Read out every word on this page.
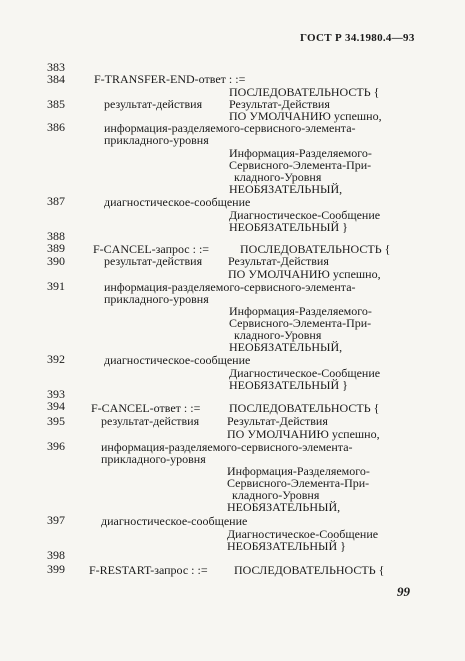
ГОСТ Р 34.1980.4—93
383
384
385
386
387
388
389
390
391
392
393
394
395
396
397
398
399
F-TRANSFER-END-ответ : :=
ПОСЛЕДОВАТЕЛЬНОСТЬ {
результат-действия Результат-Действия
ПО УМОЛЧАНИЮ успешно,
информация-разделяемого-сервисного-элемента-
прикладного-уровня
Информация-Разделяемого-
Сервисного-Элемента-При-
кладного-Уровня
НЕОБЯЗАТЕЛЬНЫЙ,
диагностическое-сообщение
Диагностическое-Сообщение
НЕОБЯЗАТЕЛЬНЫЙ }
F-CANCEL-запрос : :=	ПОСЛЕДОВАТЕЛЬНОСТЬ {
результат-действия Результат-Действия
ПО УМОЛЧАНИЮ успешно,
информация-разделяемого-сервисного-элемента-
прикладного-уровня
Информация-Разделяемого-
Сервисного-Элемента-При-
кладного-Уровня
НЕОБЯЗАТЕЛЬНЫЙ,
диагностическое-сообщение
Диагностическое-Сообщение
НЕОБЯЗАТЕЛЬНЫЙ }
F-CANCEL-ответ : := ПОСЛЕДОВАТЕЛЬНОСТЬ {
результат-действия Результат-Действия
ПО УМОЛЧАНИЮ успешно,
информация-разделяемого-сервисного-элемента-
прикладного-уровня
Информация-Разделяемого-
Сервисного-Элемента-При-
кладного-Уровня
НЕОБЯЗАТЕЛЬНЫЙ,
диагностическое-сообщение
Диагностическое-Сообщение
НЕОБЯЗАТЕЛЬНЫЙ }
F-RESTART-запрос : := ПОСЛЕДОВАТЕЛЬНОСТЬ {
99
